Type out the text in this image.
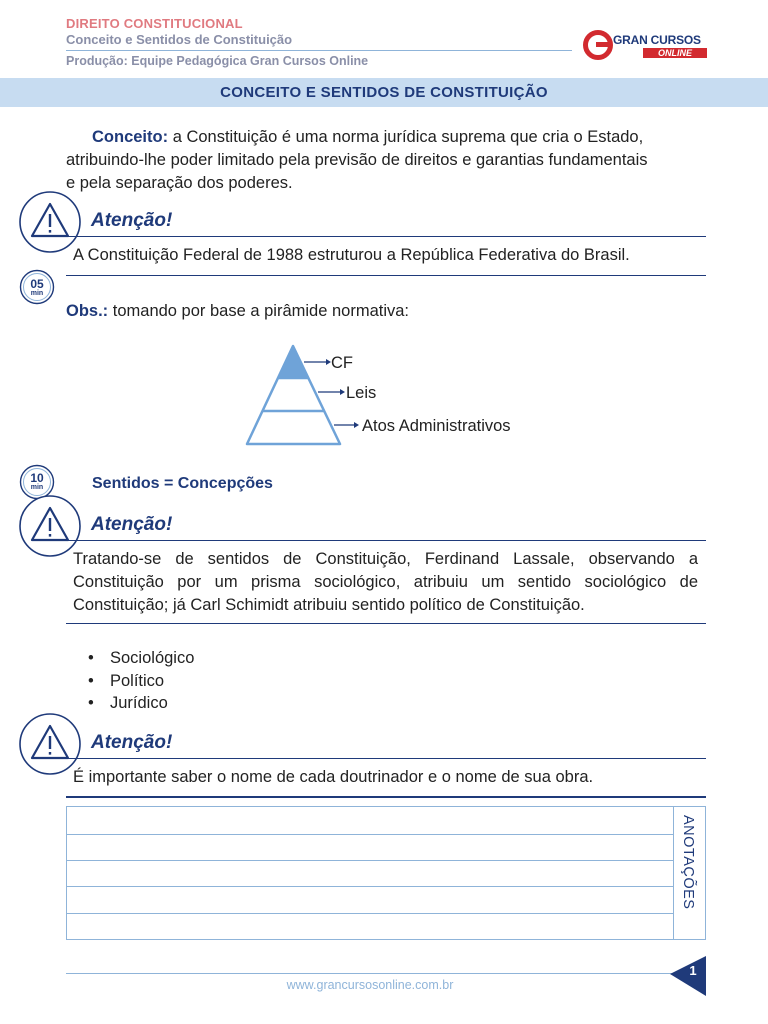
DIREITO CONSTITUCIONAL
Conceito e Sentidos de Constituição
Produção: Equipe Pedagógica Gran Cursos Online
GRAN CURSOS
ONLINE
CONCEITO E SENTIDOS DE CONSTITUIÇÃO
Conceito: a Constituição é uma norma jurídica suprema que cria o Estado,
atribuindo-lhe poder limitado pela previsão de direitos e garantias fundamentais
e pela separação dos poderes.
Atenção!
A Constituição Federal de 1988 estruturou a República Federativa do Brasil.
05
min
Obs.: tomando por base a pirâmide normativa:
CF
Leis
Atos Administrativos
10
min	Sentidos = Concepções
Atenção!
Tratando-se de sentidos de Constituição, Ferdinand Lassale, observando a
Constituição por um prisma sociológico, atribuiu um sentido sociológico de
Constituição; já Carl Schimidt atribuiu sentido político de Constituição.
• Sociológico
• Político
• Jurídico
Atenção!
É importante saber o nome de cada doutrinador e o nome de sua obra.
ANOTAÇÕES
www.grancursosonline.com.br
1
